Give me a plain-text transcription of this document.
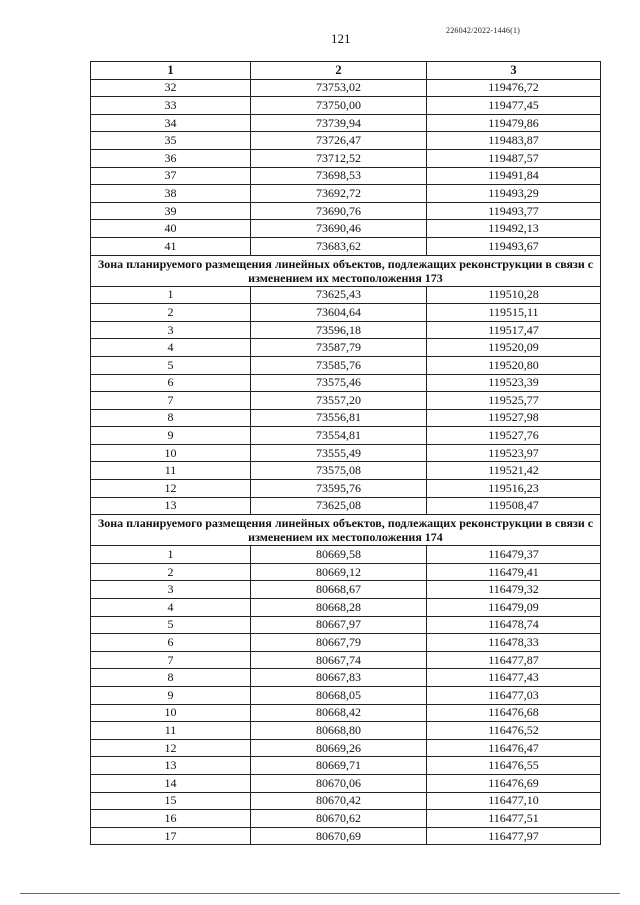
121
226042/2022-1446(1)
1	2	3
32	73753,02	119476,72
33	73750,00	119477,45
34	73739,94	119479,86
35	73726,47	119483,87
36	73712,52	119487,57
37	73698,53	119491,84
38	73692,72	119493,29
39	73690,76	119493,77
40	73690,46	119492,13
41	73683,62	119493,67
Зона планируемого размещения линейных объектов, подлежащих реконструкции в связи с изменением их местоположения 173		
1	73625,43	119510,28
2	73604,64	119515,11
3	73596,18	119517,47
4	73587,79	119520,09
5	73585,76	119520,80
6	73575,46	119523,39
7	73557,20	119525,77
8	73556,81	119527,98
9	73554,81	119527,76
10	73555,49	119523,97
11	73575,08	119521,42
12	73595,76	119516,23
13	73625,08	119508,47
Зона планируемого размещения линейных объектов, подлежащих реконструкции в связи с изменением их местоположения 174		
1	80669,58	116479,37
2	80669,12	116479,41
3	80668,67	116479,32
4	80668,28	116479,09
5	80667,97	116478,74
6	80667,79	116478,33
7	80667,74	116477,87
8	80667,83	116477,43
9	80668,05	116477,03
10	80668,42	116476,68
11	80668,80	116476,52
12	80669,26	116476,47
13	80669,71	116476,55
14	80670,06	116476,69
15	80670,42	116477,10
16	80670,62	116477,51
17	80670,69	116477,97
